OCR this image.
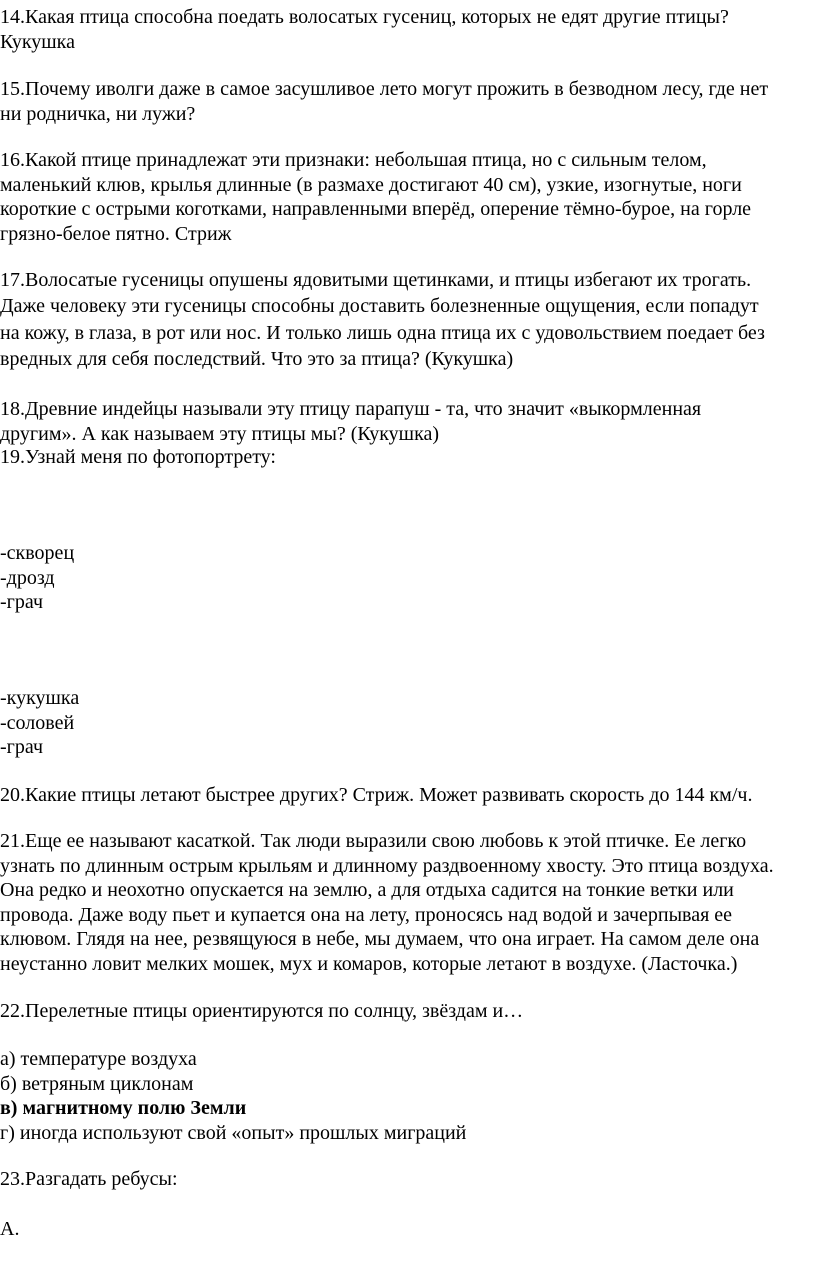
14.Какая птица способна поедать волосатых гусениц, которых не едят другие птицы?
Кукушка

15.Почему иволги даже в самое засушливое лето могут прожить в безводном лесу, где нет
ни родничка, ни лужи?

16.Какой птице принадлежат эти признаки: небольшая птица, но с сильным телом,
маленький клюв, крылья длинные (в размахе достигают 40 см), узкие, изогнутые, ноги
короткие с острыми коготками, направленными вперёд, оперение тёмно-бурое, на горле
грязно-белое пятно. Стриж

17.Волосатые гусеницы опушены ядовитыми щетинками, и птицы избегают их трогать.
Даже человеку эти гусеницы способны доставить болезненные ощущения, если попадут
на кожу, в глаза, в рот или нос. И только лишь одна птица их с удовольствием поедает без
вредных для себя последствий. Что это за птица? (Кукушка)

18.Древние индейцы называли эту птицу парапуш - та, что значит «выкормленная
другим». А как называем эту птицы мы? (Кукушка)

19.Узнай меня по фотопортрету:

-скворец
-дрозд
-грач

-кукушка
-соловей
-грач

20.Какие птицы летают быстрее других? Стриж. Может развивать скорость до 144 км/ч.

21.Еще ее называют касаткой. Так люди выразили свою любовь к этой птичке. Ее легко
узнать по длинным острым крыльям и длинному раздвоенному хвосту. Это птица воздуха.
Она редко и неохотно опускается на землю, а для отдыха садится на тонкие ветки или
провода. Даже воду пьет и купается она на лету, проносясь над водой и зачерпывая ее
клювом. Глядя на нее, резвящуюся в небе, мы думаем, что она играет. На самом деле она
неустанно ловит мелких мошек, мух и комаров, которые летают в воздухе. (Ласточка.)

22.Перелетные птицы ориентируются по солнцу, звёздам и…

а) температуре воздуха
б) ветряным циклонам
в) магнитному полю Земли
г) иногда используют свой «опыт» прошлых миграций

23.Разгадать ребусы:

А.
